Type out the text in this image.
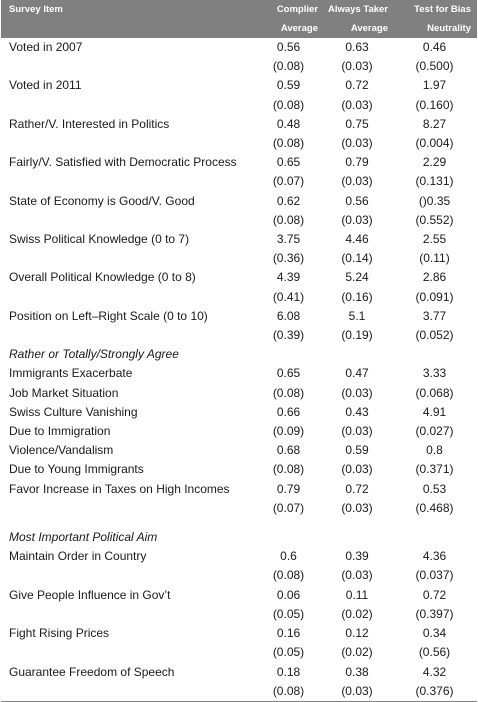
Survey Item	Complier	Always Taker	Test for Bias
	Average	Average	Neutrality
Voted in 2007	0.56	0.63	0.46
	(0.08)	(0.03)	(0.500)
Voted in 2011	0.59	0.72	1.97
	(0.08)	(0.03)	(0.160)
Rather/V. Interested in Politics	0.48	0.75	8.27
	(0.08)	(0.03)	(0.004)
Fairly/V. Satisfied with Democratic Process	0.65	0.79	2.29
	(0.07)	(0.03)	(0.131)
State of Economy is Good/V. Good	0.62	0.56	()0.35
	(0.08)	(0.03)	(0.552)
Swiss Political Knowledge (0 to 7)	3.75	4.46	2.55
	(0.36)	(0.14)	(0.11)
Overall Political Knowledge (0 to 8)	4.39	5.24	2.86
	(0.41)	(0.16)	(0.091)
Position on Left–Right Scale (0 to 10)	6.08	5.1	3.77
	(0.39)	(0.19)	(0.052)
Rather or Totally/Strongly Agree			
Immigrants Exacerbate	0.65	0.47	3.33
Job Market Situation	(0.08)	(0.03)	(0.068)
Swiss Culture Vanishing	0.66	0.43	4.91
Due to Immigration	(0.09)	(0.03)	(0.027)
Violence/Vandalism	0.68	0.59	0.8
Due to Young Immigrants	(0.08)	(0.03)	(0.371)
Favor Increase in Taxes on High Incomes	0.79	0.72	0.53
	(0.07)	(0.03)	(0.468)

Most Important Political Aim			
Maintain Order in Country	0.6	0.39	4.36
	(0.08)	(0.03)	(0.037)
Give People Influence in Gov’t	0.06	0.11	0.72
	(0.05)	(0.02)	(0.397)
Fight Rising Prices	0.16	0.12	0.34
	(0.05)	(0.02)	(0.56)
Guarantee Freedom of Speech	0.18	0.38	4.32
	(0.08)	(0.03)	(0.376)
